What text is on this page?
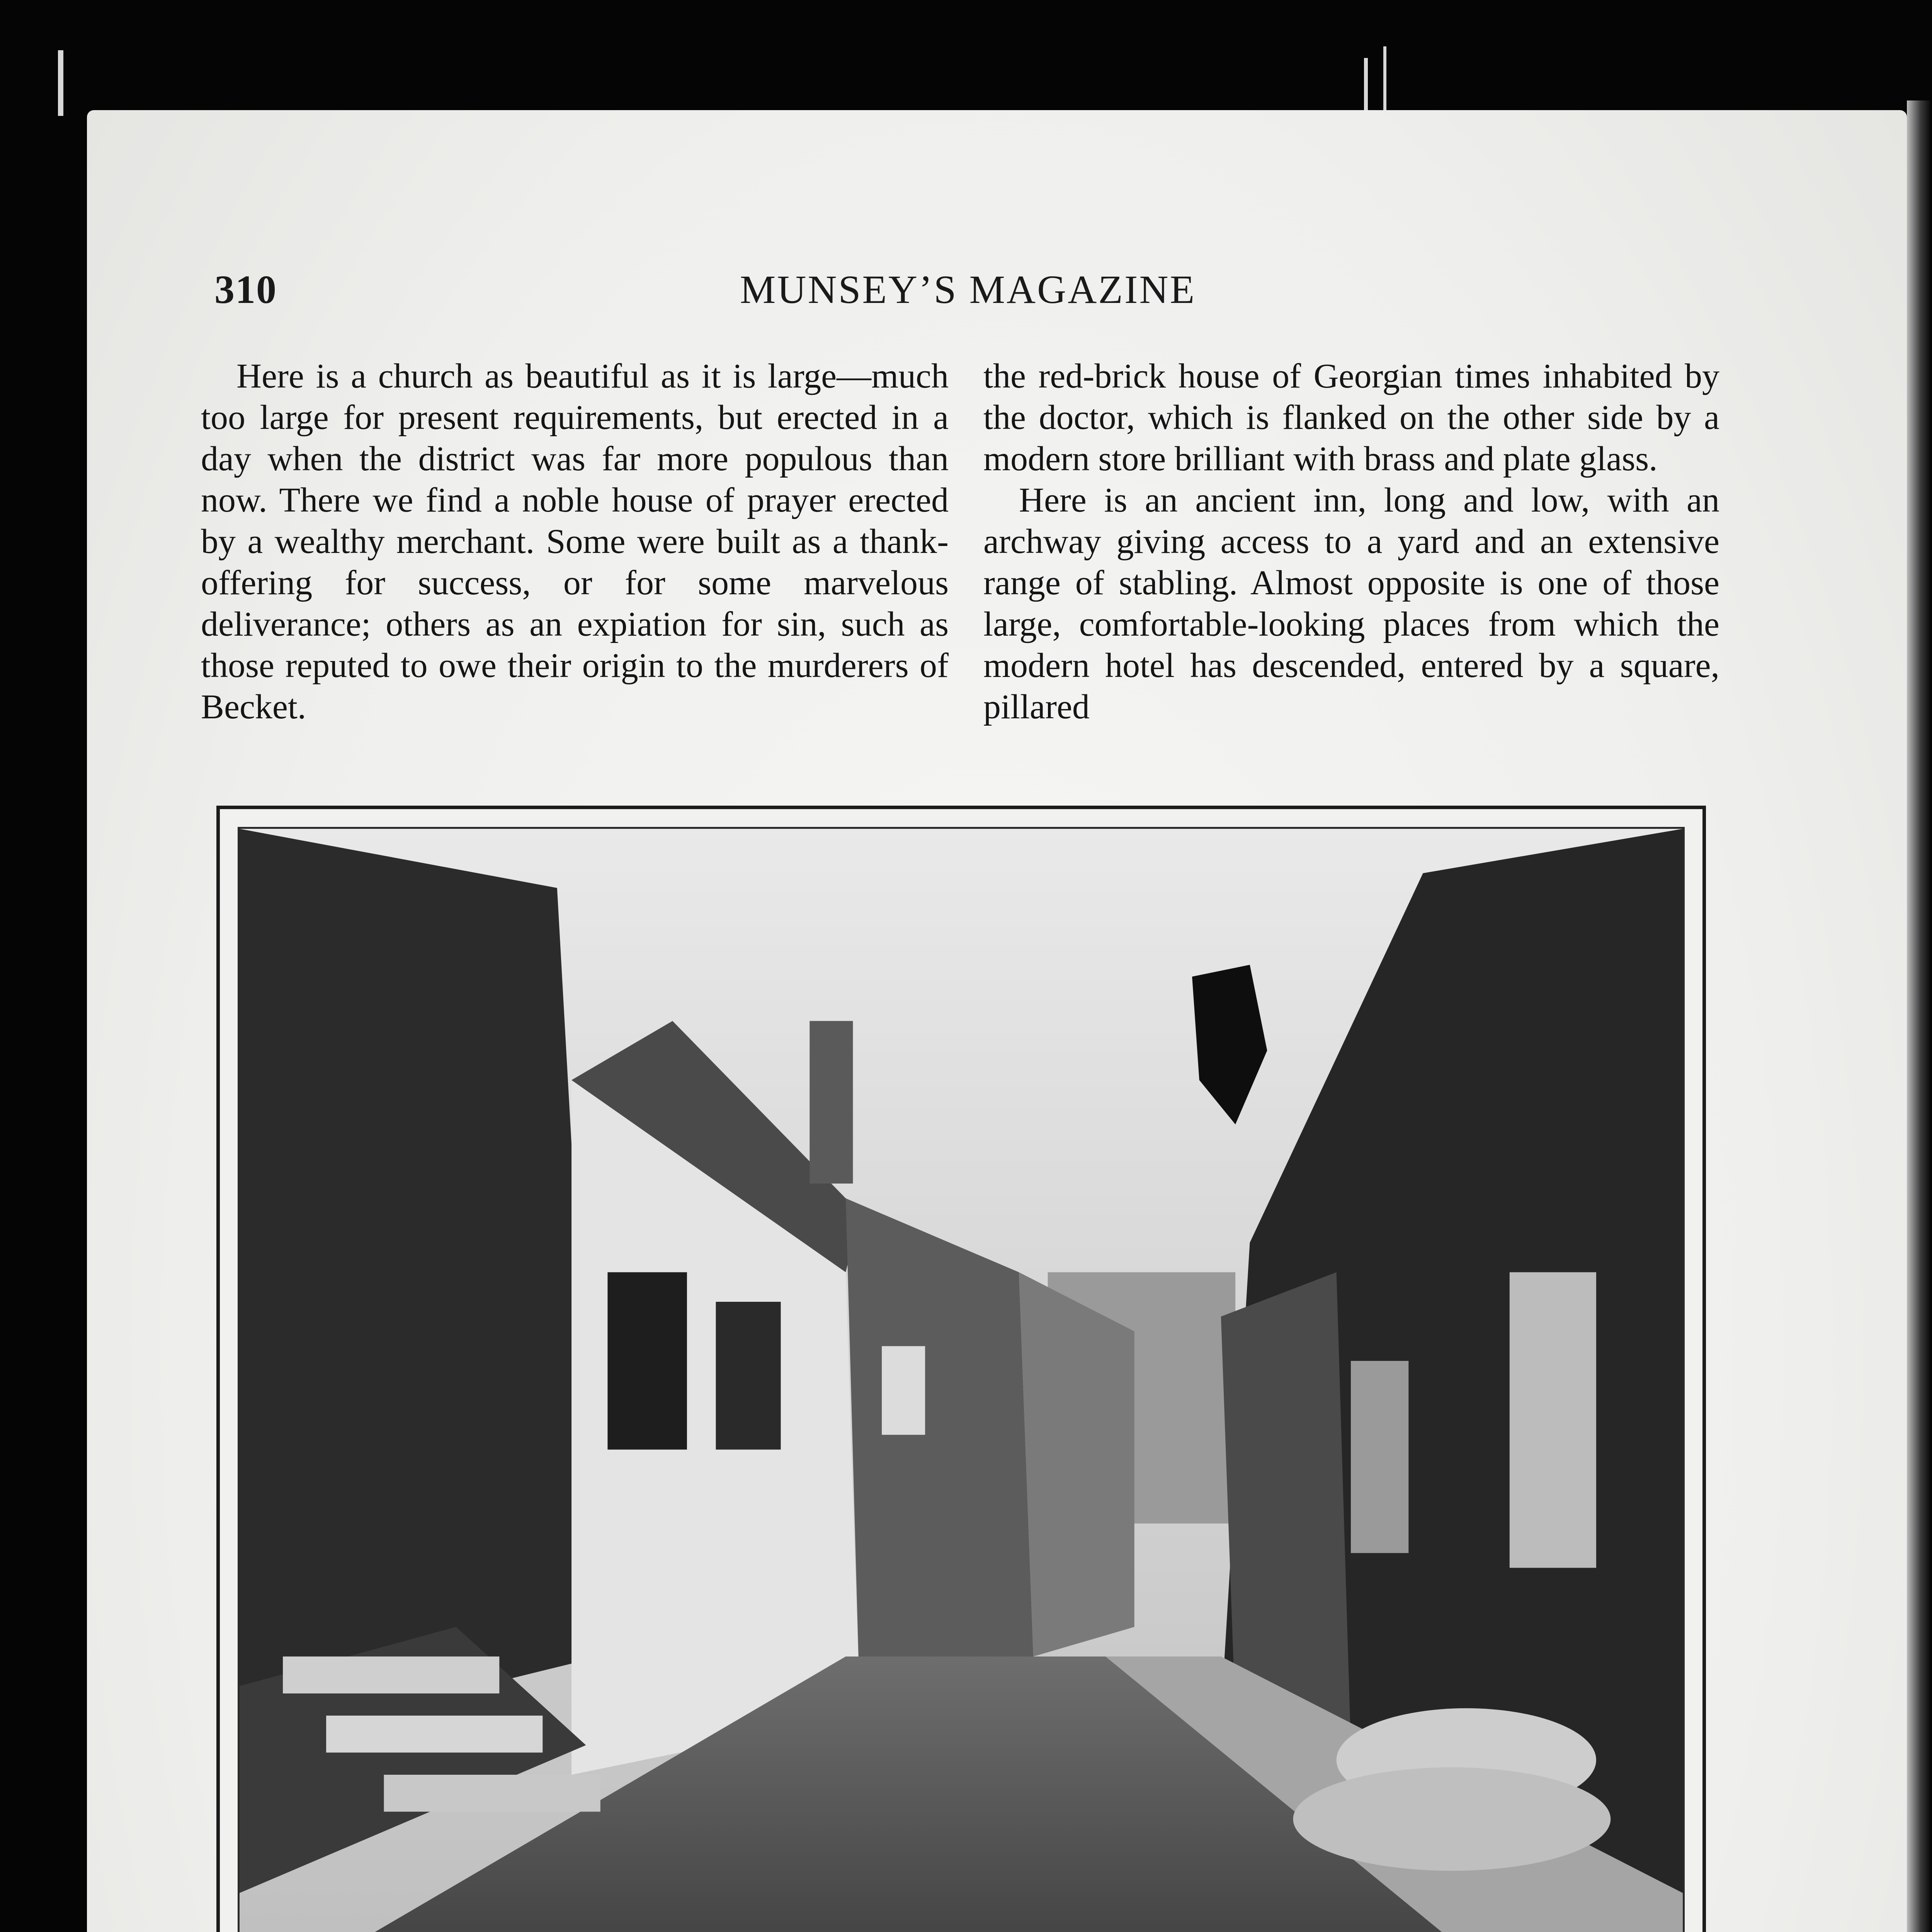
310	MUNSEY’S MAGAZINE

Here is a church as beautiful as it is large—much too large for present requirements, but erected in a day when the district was far more populous than now. There we find a noble house of prayer erected by a wealthy merchant. Some were built as a thank-offering for success, or for some marvelous deliverance; others as an expiation for sin, such as those reputed to owe their origin to the murderers of Becket.

the red-brick house of Georgian times inhabited by the doctor, which is flanked on the other side by a modern store brilliant with brass and plate glass.

Here is an ancient inn, long and low, with an archway giving access to a yard and an extensive range of stabling. Almost opposite is one of those large, comfortable-looking places from which the modern hotel has descended, entered by a square, pillared
